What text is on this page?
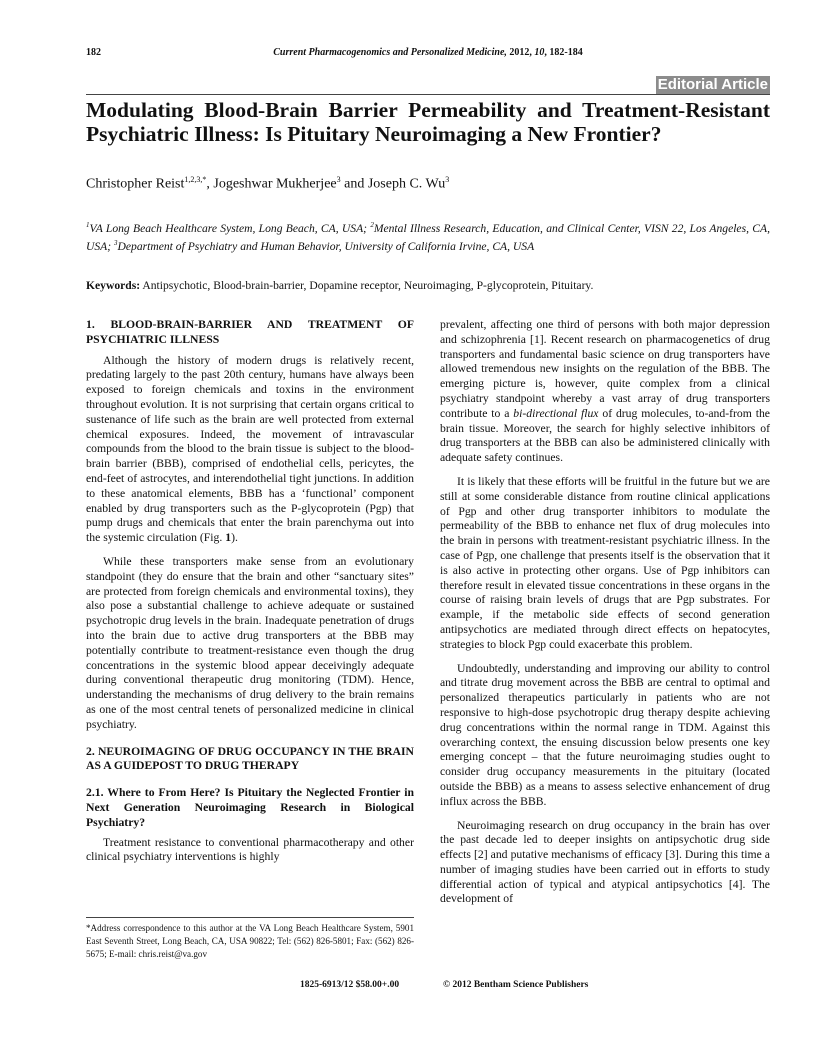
182	Current Pharmacogenomics and Personalized Medicine, 2012, 10, 182-184
Editorial Article
Modulating Blood-Brain Barrier Permeability and Treatment-Resistant Psychiatric Illness: Is Pituitary Neuroimaging a New Frontier?
Christopher Reist$^{1,2,3,*}$, Jogeshwar Mukherjee$^3$ and Joseph C. Wu$^3$
$^1$VA Long Beach Healthcare System, Long Beach, CA, USA; $^2$Mental Illness Research, Education, and Clinical Center, VISN 22, Los Angeles, CA, USA; $^3$Department of Psychiatry and Human Behavior, University of California Irvine, CA, USA
Keywords: Antipsychotic, Blood-brain-barrier, Dopamine receptor, Neuroimaging, P-glycoprotein, Pituitary.
1. BLOOD-BRAIN-BARRIER AND TREATMENT OF PSYCHIATRIC ILLNESS

Although the history of modern drugs is relatively recent, predating largely to the past 20th century, humans have always been exposed to foreign chemicals and toxins in the environment throughout evolution. It is not surprising that certain organs critical to sustenance of life such as the brain are well protected from external chemical exposures. Indeed, the movement of intravascular compounds from the blood to the brain tissue is subject to the blood-brain barrier (BBB), comprised of endothelial cells, pericytes, the end-feet of astrocytes, and interendothelial tight junctions. In addition to these anatomical elements, BBB has a ‘functional’ component enabled by drug transporters such as the P-glycoprotein (Pgp) that pump drugs and chemicals that enter the brain parenchyma out into the systemic circulation (Fig. 1).

While these transporters make sense from an evolutionary standpoint (they do ensure that the brain and other “sanctuary sites” are protected from foreign chemicals and environmental toxins), they also pose a substantial challenge to achieve adequate or sustained psychotropic drug levels in the brain. Inadequate penetration of drugs into the brain due to active drug transporters at the BBB may potentially contribute to treatment-resistance even though the drug concentrations in the systemic blood appear deceivingly adequate during conventional therapeutic drug monitoring (TDM). Hence, understanding the mechanisms of drug delivery to the brain remains as one of the most central tenets of personalized medicine in clinical psychiatry.

2. NEUROIMAGING OF DRUG OCCUPANCY IN THE BRAIN AS A GUIDEPOST TO DRUG THERAPY
2.1. Where to From Here? Is Pituitary the Neglected Frontier in Next Generation Neuroimaging Research in Biological Psychiatry?

Treatment resistance to conventional pharmacotherapy and other clinical psychiatry interventions is highly

prevalent, affecting one third of persons with both major depression and schizophrenia [1]. Recent research on pharmacogenetics of drug transporters and fundamental basic science on drug transporters have allowed tremendous new insights on the regulation of the BBB. The emerging picture is, however, quite complex from a clinical psychiatry standpoint whereby a vast array of drug transporters contribute to a bi-directional flux of drug molecules, to-and-from the brain tissue. Moreover, the search for highly selective inhibitors of drug transporters at the BBB can also be administered clinically with adequate safety continues.

It is likely that these efforts will be fruitful in the future but we are still at some considerable distance from routine clinical applications of Pgp and other drug transporter inhibitors to modulate the permeability of the BBB to enhance net flux of drug molecules into the brain in persons with treatment-resistant psychiatric illness. In the case of Pgp, one challenge that presents itself is the observation that it is also active in protecting other organs. Use of Pgp inhibitors can therefore result in elevated tissue concentrations in these organs in the course of raising brain levels of drugs that are Pgp substrates. For example, if the metabolic side effects of second generation antipsychotics are mediated through direct effects on hepatocytes, strategies to block Pgp could exacerbate this problem.

Undoubtedly, understanding and improving our ability to control and titrate drug movement across the BBB are central to optimal and personalized therapeutics particularly in patients who are not responsive to high-dose psychotropic drug therapy despite achieving drug concentrations within the normal range in TDM. Against this overarching context, the ensuing discussion below presents one key emerging concept – that the future neuroimaging studies ought to consider drug occupancy measurements in the pituitary (located outside the BBB) as a means to assess selective enhancement of drug influx across the BBB.

Neuroimaging research on drug occupancy in the brain has over the past decade led to deeper insights on antipsychotic drug side effects [2] and putative mechanisms of efficacy [3]. During this time a number of imaging studies have been carried out in efforts to study differential action of typical and atypical antipsychotics [4]. The development of

*Address correspondence to this author at the VA Long Beach Healthcare System, 5901 East Seventh Street, Long Beach, CA, USA 90822; Tel: (562) 826-5801; Fax: (562) 826-5675; E-mail: chris.reist@va.gov
1825-6913/12 $58.00+.00	© 2012 Bentham Science Publishers
